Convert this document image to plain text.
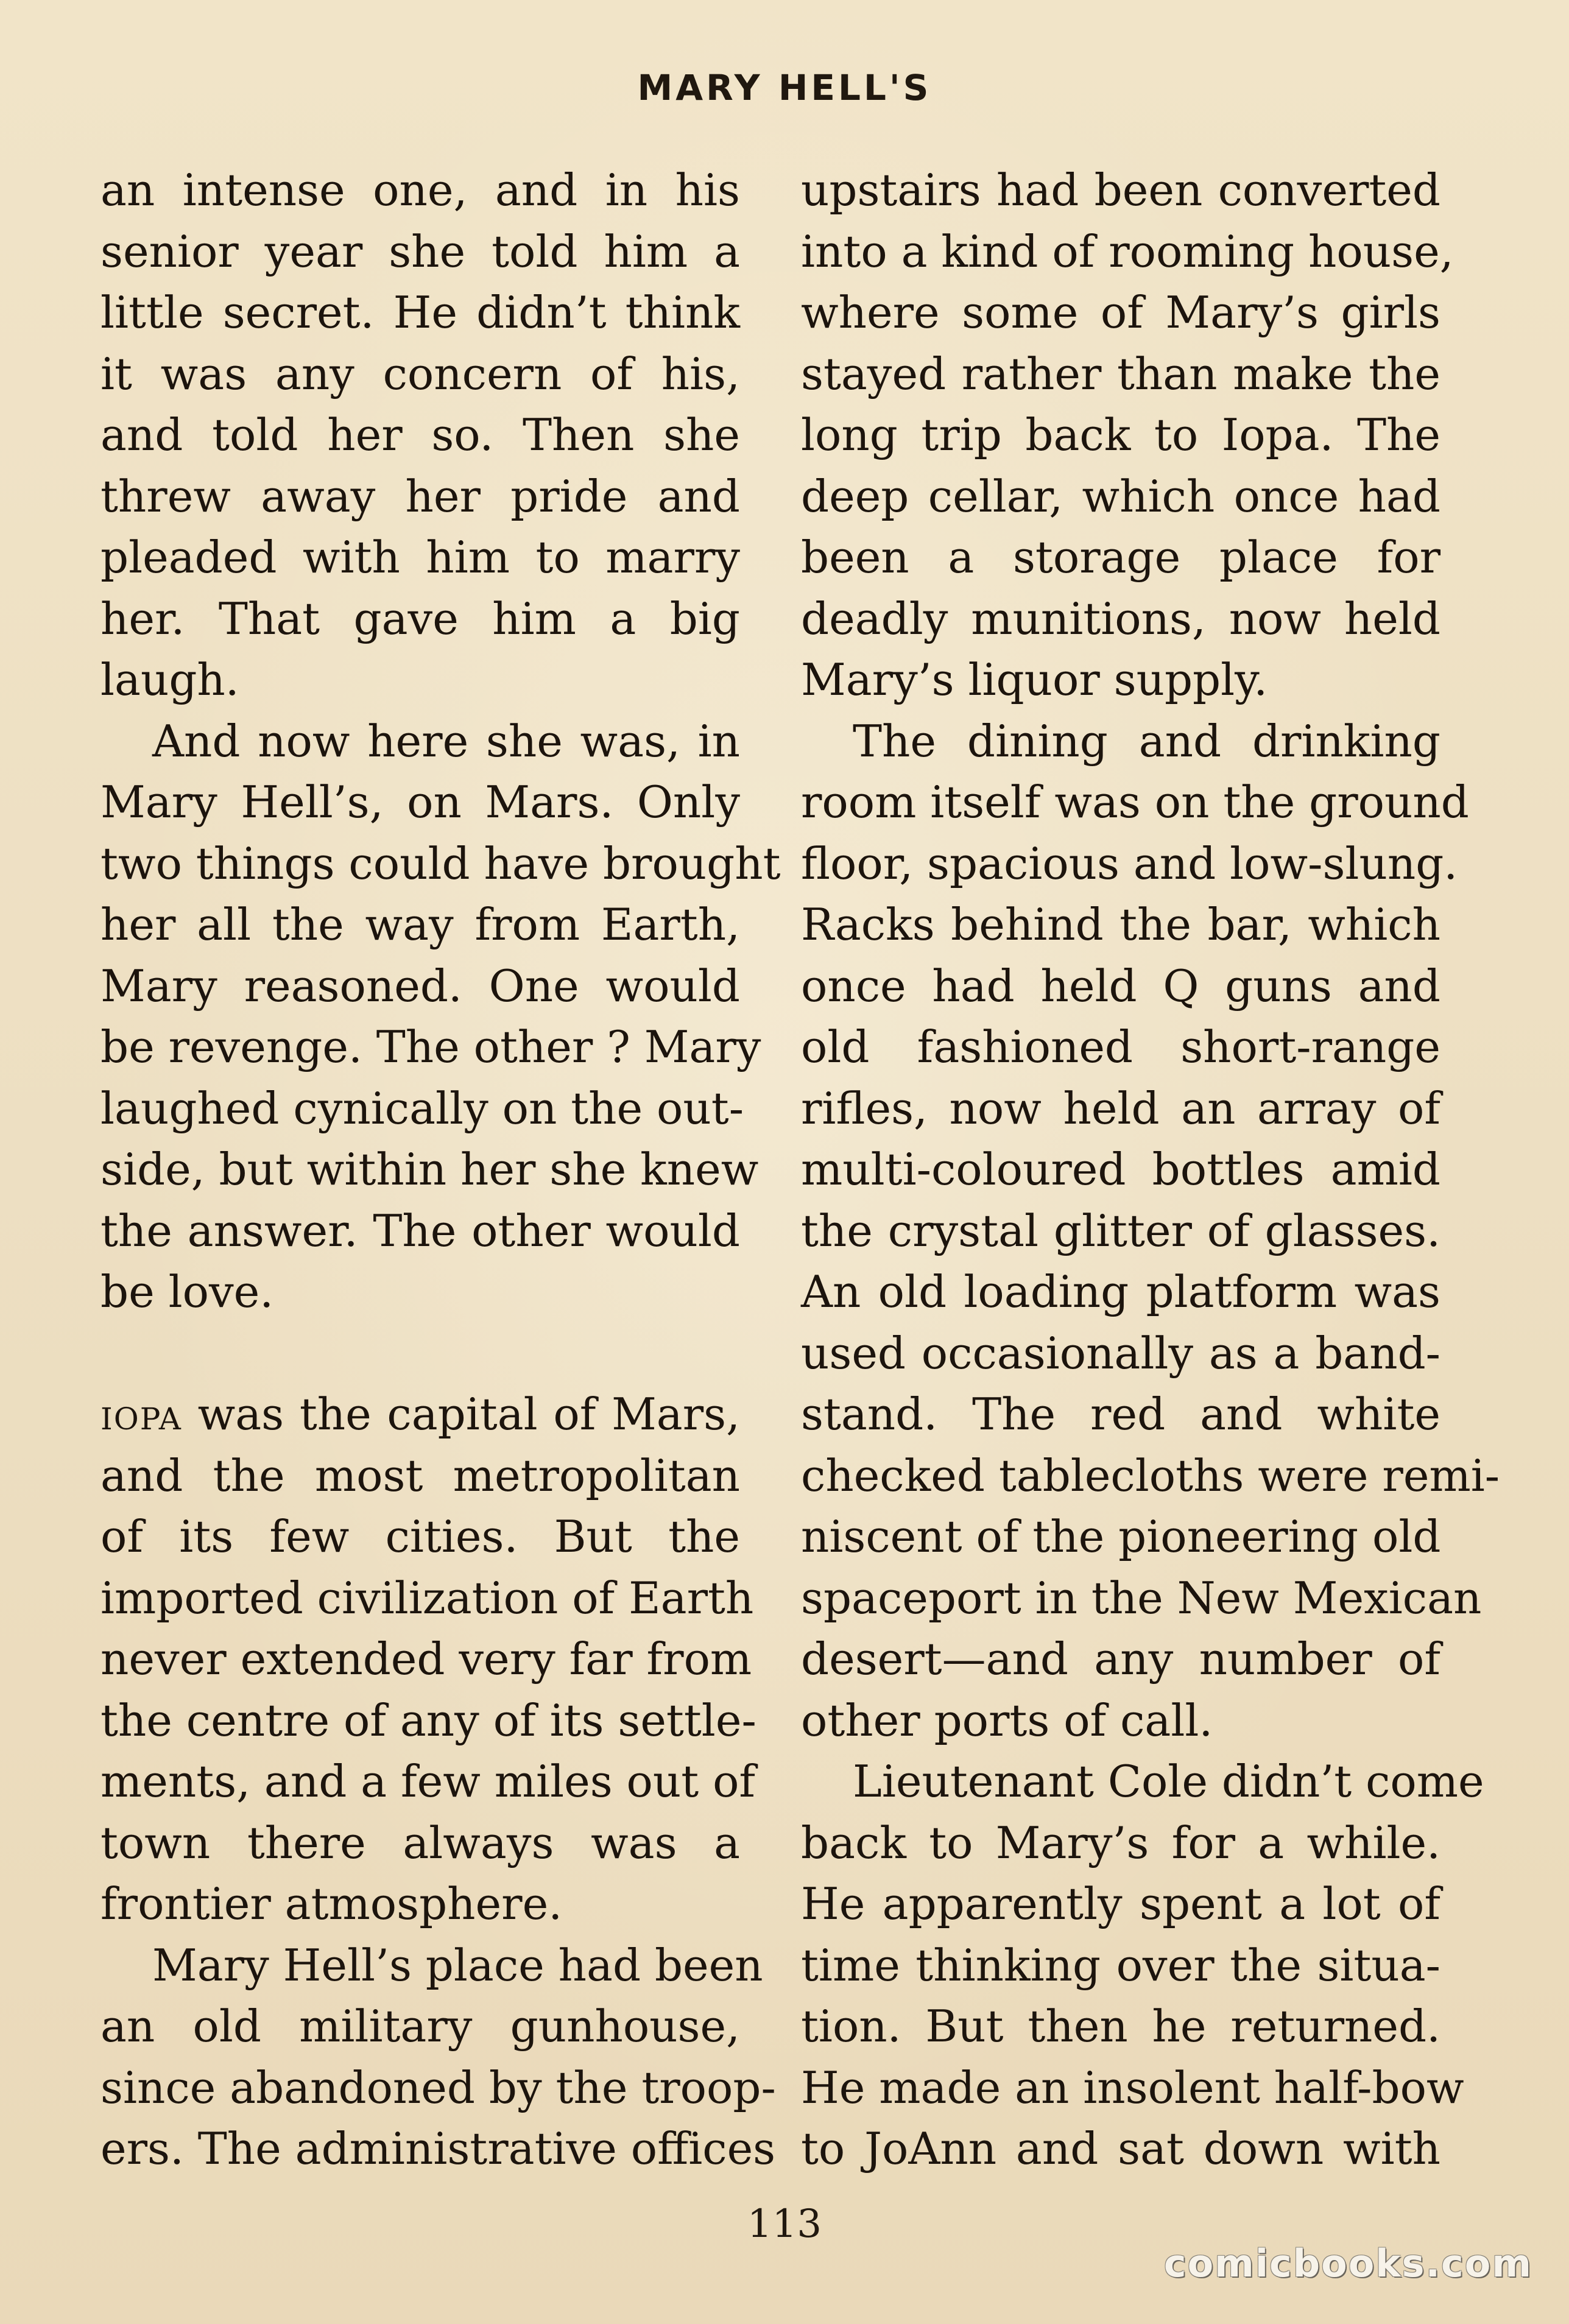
MARY HELL'S
an intense one, and in his
senior year she told him a
little secret. He didn’t think
it was any concern of his,
and told her so. Then she
threw away her pride and
pleaded with him to marry
her. That gave him a big
laugh.
And now here she was, in
Mary Hell’s, on Mars. Only
two things could have brought
her all the way from Earth,
Mary reasoned. One would
be revenge. The other ? Mary
laughed cynically on the out-
side, but within her she knew
the answer. The other would
be love.
iopa was the capital of Mars,
and the most metropolitan
of its few cities. But the
imported civilization of Earth
never extended very far from
the centre of any of its settle-
ments, and a few miles out of
town there always was a
frontier atmosphere.
Mary Hell’s place had been
an old military gunhouse,
since abandoned by the troop-
ers. The administrative offices
upstairs had been converted
into a kind of rooming house,
where some of Mary’s girls
stayed rather than make the
long trip back to Iopa. The
deep cellar, which once had
been a storage place for
deadly munitions, now held
Mary’s liquor supply.
The dining and drinking
room itself was on the ground
floor, spacious and low-slung.
Racks behind the bar, which
once had held Q guns and
old fashioned short-range
rifles, now held an array of
multi-coloured bottles amid
the crystal glitter of glasses.
An old loading platform was
used occasionally as a band-
stand. The red and white
checked tablecloths were remi-
niscent of the pioneering old
spaceport in the New Mexican
desert—and any number of
other ports of call.
Lieutenant Cole didn’t come
back to Mary’s for a while.
He apparently spent a lot of
time thinking over the situa-
tion. But then he returned.
He made an insolent half-bow
to JoAnn and sat down with
113
comicbooks.com
